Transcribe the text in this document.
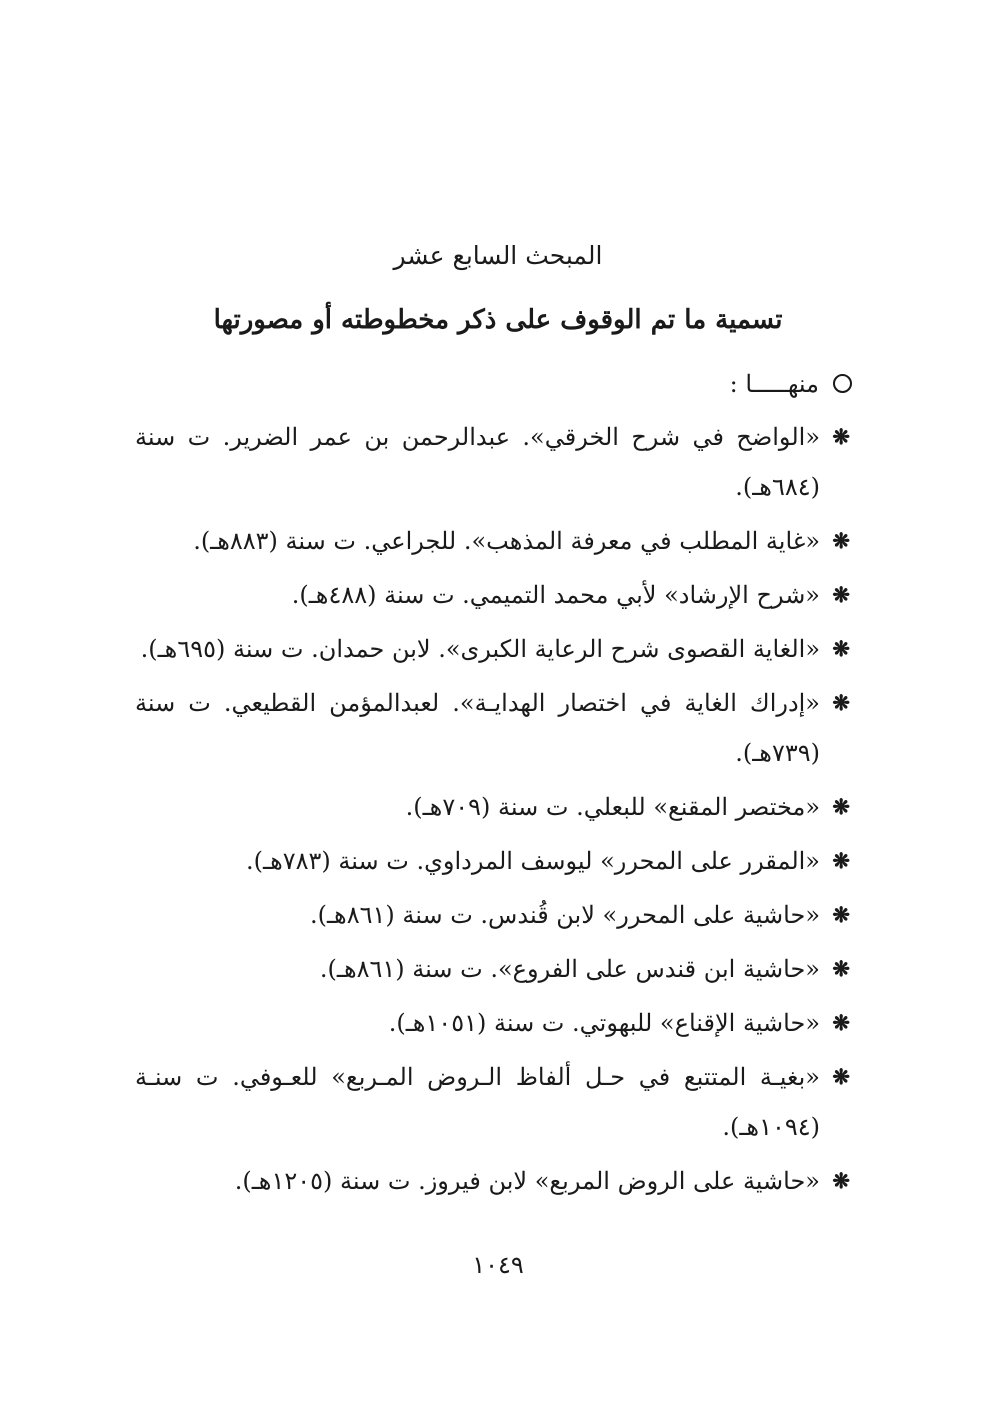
المبحث السابع عشر
تسمية ما تم الوقوف على ذكر مخطوطته أو مصورتها
منهـــــا :
❋
«الواضح في شرح الخرقي». عبدالرحمن بن عمر الضرير. ت سنة (٦٨٤هـ).
❋
«غاية المطلب في معرفة المذهب». للجراعي. ت سنة (٨٨٣هـ).
❋
«شرح الإرشاد» لأبي محمد التميمي. ت سنة (٤٨٨هـ).
❋
«الغاية القصوى شرح الرعاية الكبرى». لابن حمدان. ت سنة (٦٩٥هـ).
❋
«إدراك الغاية في اختصار الهدايـة». لعبدالمؤمن القطيعي. ت سنة (٧٣٩هـ).
❋
«مختصر المقنع» للبعلي. ت سنة (٧٠٩هـ).
❋
«المقرر على المحرر» ليوسف المرداوي. ت سنة (٧٨٣هـ).
❋
«حاشية على المحرر» لابن قُندس. ت سنة (٨٦١هـ).
❋
«حاشية ابن قندس على الفروع». ت سنة (٨٦١هـ).
❋
«حاشية الإقناع» للبهوتي. ت سنة (١٠٥١هـ).
❋
«بغيـة المتتبع في حـل ألفاظ الـروض المـربع» للعـوفي. ت سنـة (١٠٩٤هـ).
❋
«حاشية على الروض المربع» لابن فيروز. ت سنة (١٢٠٥هـ).
١٠٤٩
